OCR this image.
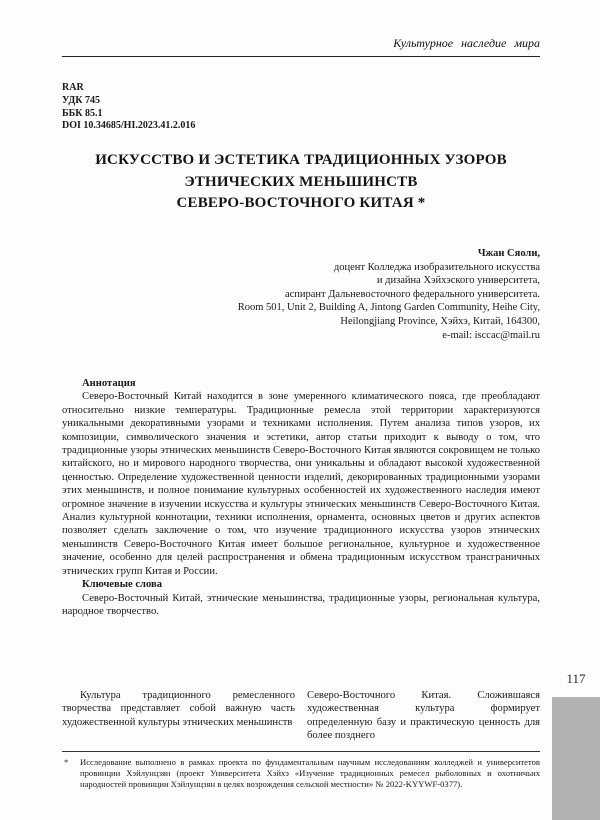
Культурное наследие мира
RAR
УДК 745
ББК 85.1
DOI 10.34685/HI.2023.41.2.016
ИСКУССТВО И ЭСТЕТИКА ТРАДИЦИОННЫХ УЗОРОВ
ЭТНИЧЕСКИХ МЕНЬШИНСТВ
СЕВЕРО-ВОСТОЧНОГО КИТАЯ *
Чжан Сяоли,
доцент Колледжа изобразительного искусства
и дизайна Хэйхэского университета,
аспирант Дальневосточного федерального университета.
Room 501, Unit 2, Building A, Jintong Garden Community, Heihe City,
Heilongjiang Province, Хэйхэ, Китай, 164300,
e-mail: isccac@mail.ru
Аннотация

Северо-Восточный Китай находится в зоне умеренного климатического пояса, где преобладают относительно низкие температуры. Традиционные ремесла этой территории характеризуются уникальными декоративными узорами и техниками исполнения. Путем анализа типов узоров, их композиции, символического значения и эстетики, автор статьи приходит к выводу о том, что традиционные узоры этнических меньшинств Северо-Восточного Китая являются сокровищем не только китайского, но и мирового народного творчества, они уникальны и обладают высокой художественной ценностью. Определение художественной ценности изделий, декорированных традиционными узорами этих меньшинств, и полное понимание культурных особенностей их художественного наследия имеют огромное значение в изучении искусства и культуры этнических меньшинств Северо-Восточного Китая. Анализ культурной коннотации, техники исполнения, орнамента, основных цветов и других аспектов позволяет сделать заключение о том, что изучение традиционного искусства узоров этнических меньшинств Северо-Восточного Китая имеет большое региональное, культурное и художественное значение, особенно для целей распространения и обмена традиционным искусством трансграничных этнических групп Китая и России.

Ключевые слова

Северо-Восточный Китай, этнические меньшинства, традиционные узоры, региональная культура, народное творчество.

Культура традиционного ремесленного творчества представляет собой важную часть художественной культуры этнических меньшинств

Северо-Восточного Китая. Сложившаяся художественная культура формирует определенную базу и практическую ценность для более позднего

* Исследование выполнено в рамках проекта по фундаментальным научным исследованиям колледжей и университетов провинции Хэйлунцзян (проект Университета Хэйхэ «Изучение традиционных ремесел рыболовных и охотничьих народностей провинции Хэйлунцзян в целях возрождения сельской местности» № 2022-KYYWF-0377).
117
